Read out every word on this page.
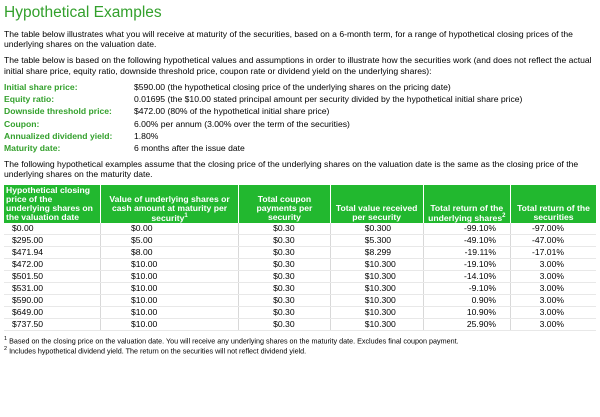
Hypothetical Examples

The table below illustrates what you will receive at maturity of the securities, based on a 6-month term, for a range of hypothetical closing prices of the underlying shares on the valuation date.

The table below is based on the following hypothetical values and assumptions in order to illustrate how the securities work (and does not reflect the actual initial share price, equity ratio, downside threshold price, coupon rate or dividend yield on the underlying shares):

Initial share price:	$590.00 (the hypothetical closing price of the underlying shares on the pricing date)
Equity ratio:	0.01695 (the $10.00 stated principal amount per security divided by the hypothetical initial share price)
Downside threshold price:	$472.00 (80% of the hypothetical initial share price)
Coupon:	6.00% per annum (3.00% over the term of the securities)
Annualized dividend yield:	1.80%
Maturity date:	6 months after the issue date

The following hypothetical examples assume that the closing price of the underlying shares on the valuation date is the same as the closing price of the underlying shares on the maturity date.

Hypothetical closing price of the underlying shares on the valuation date	Value of underlying shares or cash amount at maturity per security$^1$	Total coupon payments per security	Total value received per security	Total return of the underlying shares$^2$	Total return of the securities
$0.00	$0.00	$0.30	$0.300	-99.10%	-97.00%
$295.00	$5.00	$0.30	$5.300	-49.10%	-47.00%
$471.94	$8.00	$0.30	$8.299	-19.11%	-17.01%
$472.00	$10.00	$0.30	$10.300	-19.10%	3.00%
$501.50	$10.00	$0.30	$10.300	-14.10%	3.00%
$531.00	$10.00	$0.30	$10.300	-9.10%	3.00%
$590.00	$10.00	$0.30	$10.300	0.90%	3.00%
$649.00	$10.00	$0.30	$10.300	10.90%	3.00%
$737.50	$10.00	$0.30	$10.300	25.90%	3.00%
$^1$ Based on the closing price on the valuation date. You will receive any underlying shares on the maturity date. Excludes final coupon payment.
$^2$ Includes hypothetical dividend yield. The return on the securities will not reflect dividend yield.
